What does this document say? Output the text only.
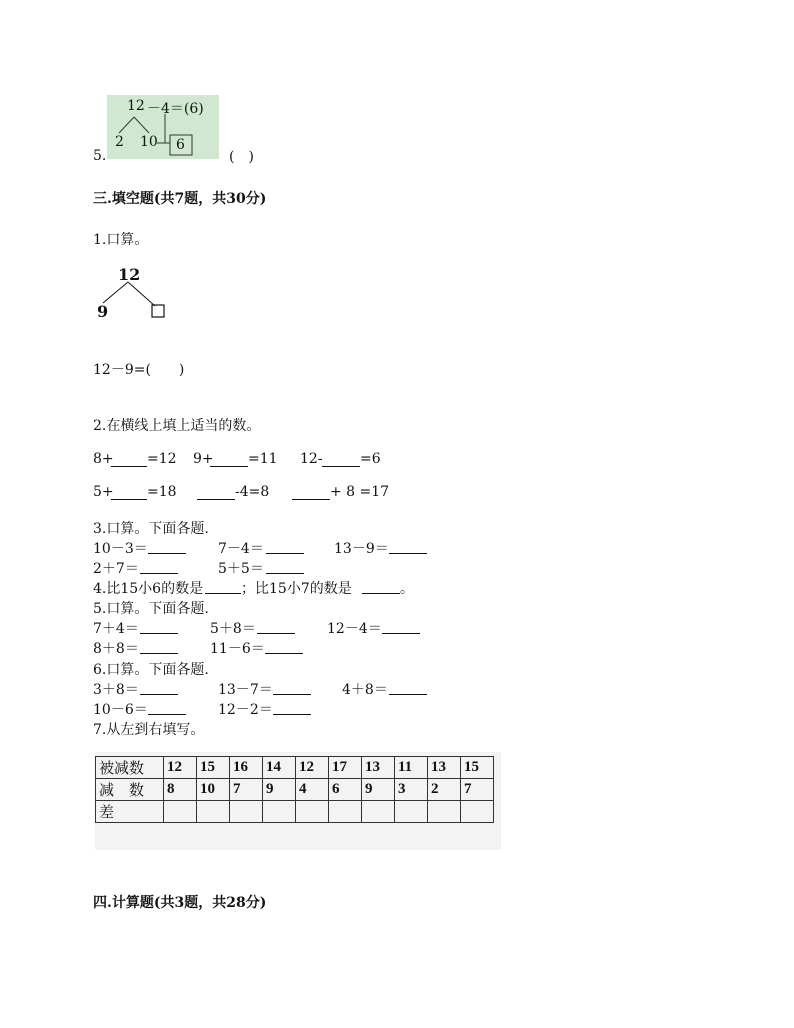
5.
12 －4＝(6)
2 10 6
(　)
三.填空题(共7题，共30分)
1.口算。
12
9
12－9=(　　)
2.在横线上填上适当的数。
8+ =12 9+ =11 12-	=6
5+ =18	-4=8	+ 8 =17
3.口算。下面各题.
10－3＝	7－4＝	13－9＝
2＋7＝	5＋5＝
4.比15小6的数是	；比15小7的数是	。
5.口算。下面各题.
7＋4＝	5＋8＝	12－4＝
8＋8＝	11－6＝
6.口算。下面各题.
3＋8＝	13－7＝	4＋8＝
10－6＝	12－2＝
7.从左到右填写。
被减数	12	15	16	14	12	17	13	11	13	15
减　数	8	10	7	9	4	6	9	3	2	7
差										
四.计算题(共3题，共28分)
